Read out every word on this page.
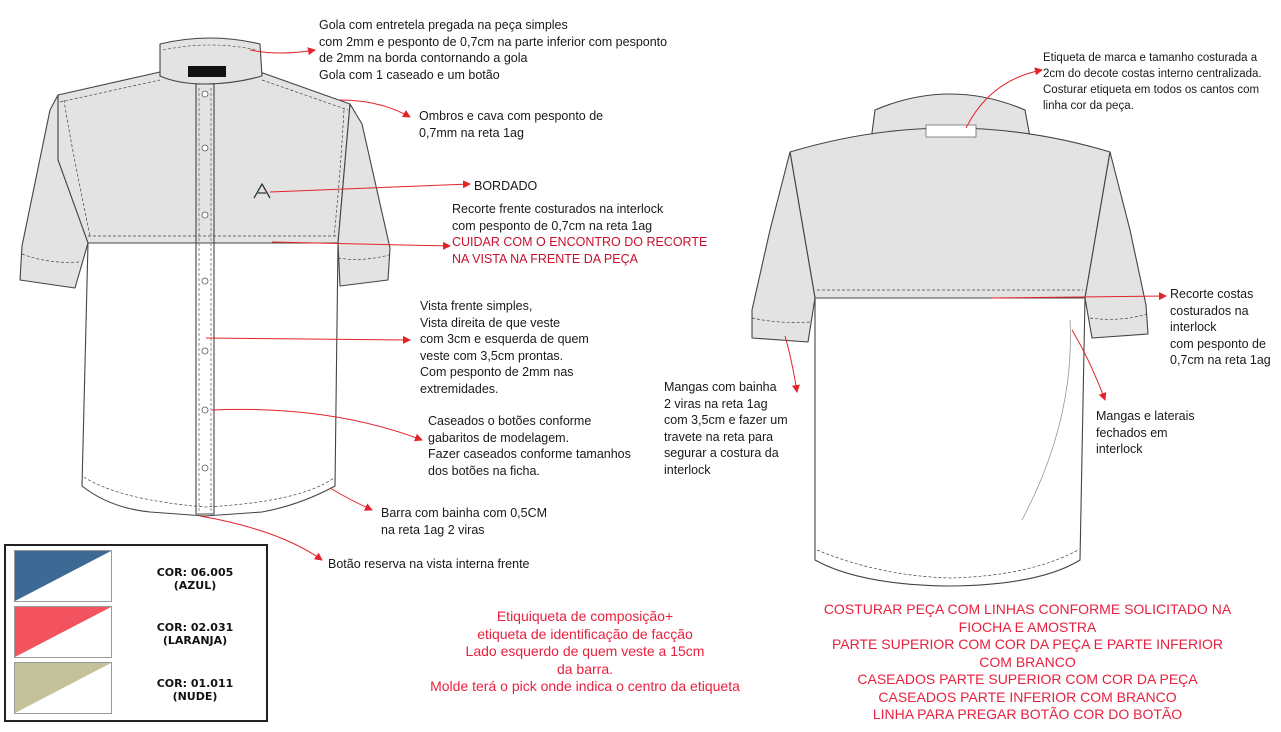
Gola com entretela pregada na peça simples
com 2mm e pesponto de 0,7cm na parte inferior com pesponto
de 2mm na borda contornando a gola
Gola com 1 caseado e um botão
Ombros e cava com pesponto de
0,7mm na reta 1ag
BORDADO
Recorte frente costurados na interlock
com pesponto de 0,7cm na reta 1ag
CUIDAR COM O ENCONTRO DO RECORTE
NA VISTA NA FRENTE DA PEÇA
Vista frente simples,
Vista direita de que veste
com 3cm e esquerda de quem
veste com 3,5cm prontas.
Com pesponto de 2mm nas
extremidades.
Caseados o botões conforme
gabaritos de modelagem.
Fazer caseados conforme tamanhos
dos botões na ficha.
Barra com bainha com 0,5CM
na reta 1ag 2 viras
Botão reserva na vista interna frente
Etiqueta de marca e tamanho costurada a
2cm do decote costas interno centralizada.
Costurar etiqueta em todos os cantos com
linha cor da peça.
Recorte costas
costurados na
interlock
com pesponto de
0,7cm na reta 1ag
Mangas com bainha
2 viras na reta 1ag
com 3,5cm e fazer um
travete na reta para
segurar a costura da
interlock
Mangas e laterais
fechados em
interlock
Etiquiqueta de composição+
etiqueta de identificação de facção
Lado esquerdo de quem veste a 15cm
da barra.
Molde terá o pick onde indica o centro da etiqueta
COSTURAR PEÇA COM LINHAS CONFORME SOLICITADO NA
FIOCHA E AMOSTRA
PARTE SUPERIOR COM COR DA PEÇA E PARTE INFERIOR
COM BRANCO
CASEADOS PARTE SUPERIOR COM COR DA PEÇA
CASEADOS PARTE INFERIOR COM BRANCO
LINHA PARA PREGAR BOTÃO COR DO BOTÃO
COR: 06.005
(AZUL)
COR: 02.031
(LARANJA)
COR: 01.011
(NUDE)
